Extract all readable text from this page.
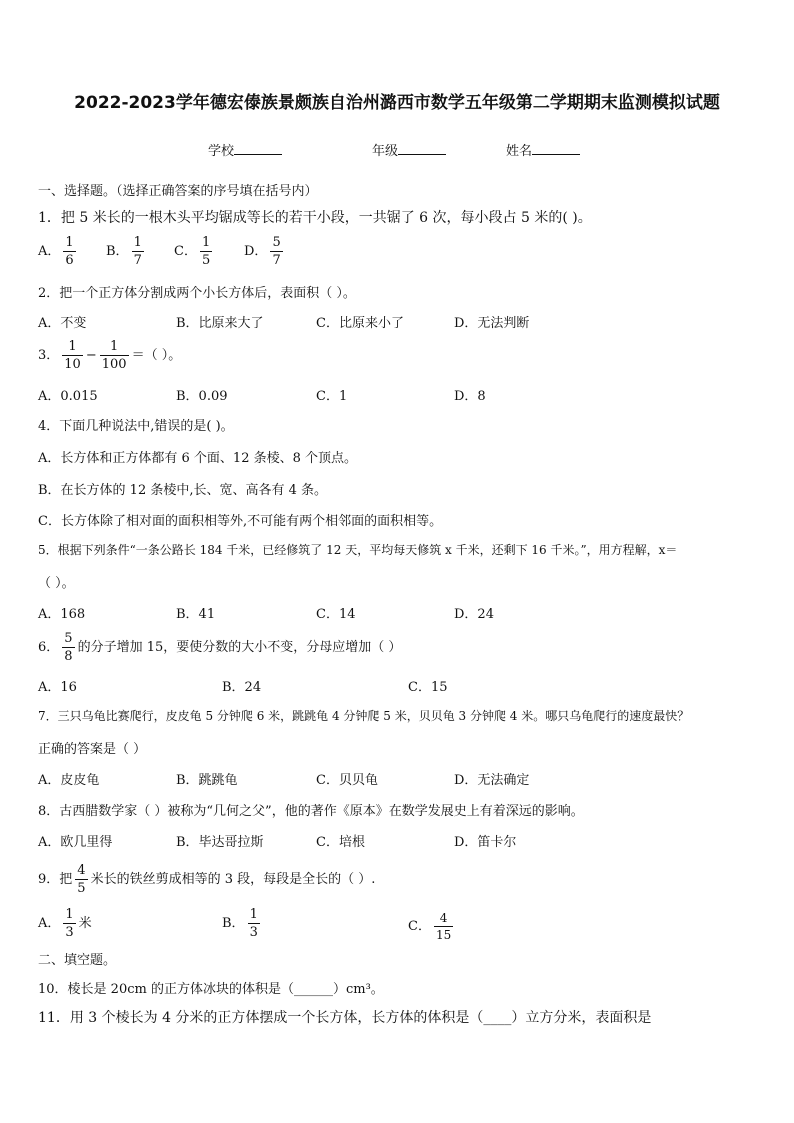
2022-2023学年德宏傣族景颇族自治州潞西市数学五年级第二学期期末监测模拟试题
学校	年级	姓名
一、选择题。（选择正确答案的序号填在括号内）
1．把 5 米长的一根木头平均锯成等长的若干小段，一共锯了 6 次，每小段占 5 米的( )。
A． $\frac{1}{6}$ B． $\frac{1}{7}$ C． $\frac{1}{5}$ D． $\frac{5}{7}$
2．把一个正方体分割成两个小长方体后，表面积（ ）。
A．不变	B．比原来大了	C．比原来小了	D．无法判断
3． $\frac{1}{10} - \frac{1}{100}$ ＝（ ）。
A．0.015	B．0.09	C．1	D．8
4．下面几种说法中,错误的是( )。
A．长方体和正方体都有 6 个面、12 条棱、8 个顶点。
B．在长方体的 12 条棱中,长、宽、高各有 4 条。
C．长方体除了相对面的面积相等外,不可能有两个相邻面的面积相等。
5．根据下列条件“一条公路长 184 千米，已经修筑了 12 天，平均每天修筑 x 千米，还剩下 16 千米。”，用方程解，x＝
（ ）。
A．168	B．41	C．14	D．24
6． $\frac{5}{8}$ 的分子增加 15，要使分数的大小不变，分母应增加（ ）
A．16	B．24	C．15
7．三只乌龟比赛爬行，皮皮龟 5 分钟爬 6 米，跳跳龟 4 分钟爬 5 米，贝贝龟 3 分钟爬 4 米。哪只乌龟爬行的速度最快？
正确的答案是（ ）
A．皮皮龟	B．跳跳龟	C．贝贝龟	D．无法确定
8．古西腊数学家（ ）被称为“几何之父”，他的著作《原本》在数学发展史上有着深远的影响。
A．欧几里得	B．毕达哥拉斯	C．培根	D．笛卡尔
9．把 $\frac{4}{5}$ 米长的铁丝剪成相等的 3 段，每段是全长的（ ）.
A． $\frac{1}{3}$ 米	B． $\frac{1}{3}$	C． $\frac{4}{15}$
二、填空题。
10．棱长是 20cm 的正方体冰块的体积是（______）cm³。
11．用 3 个棱长为 4 分米的正方体摆成一个长方体，长方体的体积是（____）立方分米，表面积是
